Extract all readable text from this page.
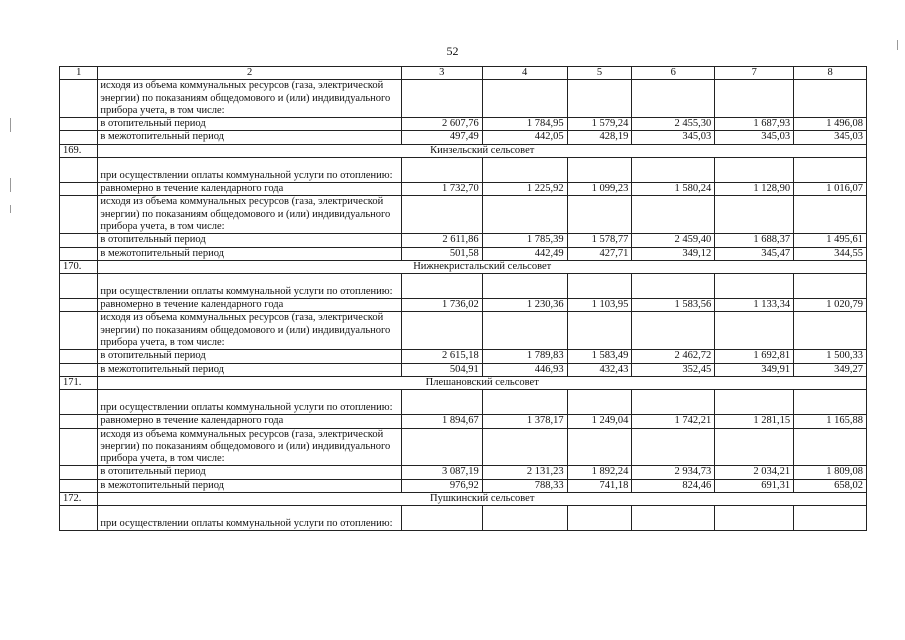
52
1	2	3	4	5	6	7	8
	исходя из объема коммунальных ресурсов (газа, электрической энергии) по показаниям общедомового и (или) индивидуального прибора учета, в том числе:						
	в отопительный период	2 607,76	1 784,95	1 579,24	2 455,30	1 687,93	1 496,08
	в межотопительный период	497,49	442,05	428,19	345,03	345,03	345,03
169.	Кинзельский сельсовет						
	при осуществлении оплаты коммунальной услуги по отоплению:						
	равномерно в течение календарного года	1 732,70	1 225,92	1 099,23	1 580,24	1 128,90	1 016,07
	исходя из объема коммунальных ресурсов (газа, электрической энергии) по показаниям общедомового и (или) индивидуального прибора учета, в том числе:						
	в отопительный период	2 611,86	1 785,39	1 578,77	2 459,40	1 688,37	1 495,61
	в межотопительный период	501,58	442,49	427,71	349,12	345,47	344,55
170.	Нижнекристальский сельсовет						
	при осуществлении оплаты коммунальной услуги по отоплению:						
	равномерно в течение календарного года	1 736,02	1 230,36	1 103,95	1 583,56	1 133,34	1 020,79
	исходя из объема коммунальных ресурсов (газа, электрической энергии) по показаниям общедомового и (или) индивидуального прибора учета, в том числе:						
	в отопительный период	2 615,18	1 789,83	1 583,49	2 462,72	1 692,81	1 500,33
	в межотопительный период	504,91	446,93	432,43	352,45	349,91	349,27
171.	Плешановский сельсовет						
	при осуществлении оплаты коммунальной услуги по отоплению:						
	равномерно в течение календарного года	1 894,67	1 378,17	1 249,04	1 742,21	1 281,15	1 165,88
	исходя из объема коммунальных ресурсов (газа, электрической энергии) по показаниям общедомового и (или) индивидуального прибора учета, в том числе:						
	в отопительный период	3 087,19	2 131,23	1 892,24	2 934,73	2 034,21	1 809,08
	в межотопительный период	976,92	788,33	741,18	824,46	691,31	658,02
172.	Пушкинский сельсовет						
	при осуществлении оплаты коммунальной услуги по отоплению:						
